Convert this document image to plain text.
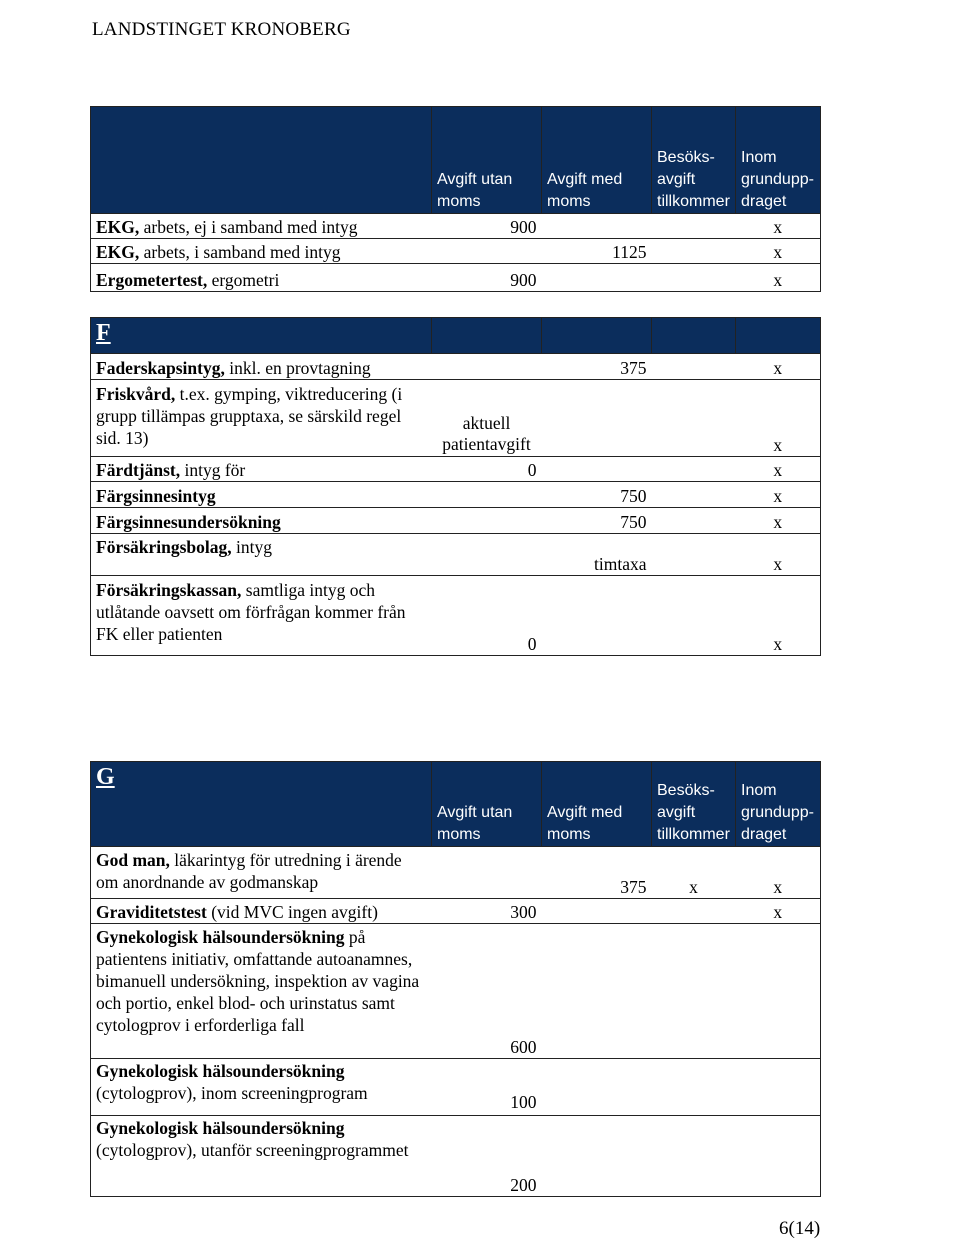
LANDSTINGET KRONOBERG
	Avgift utan moms	Avgift med moms	Besöks-avgift tillkommer	Inom grundupp-draget
EKG, arbets, ej i samband med intyg	900			x
EKG, arbets, i samband med intyg		1125		x
Ergometertest, ergometri	900			x
F				
Faderskapsintyg, inkl. en provtagning		375		x
Friskvård, t.ex. gymping, viktreducering (i grupp tillämpas grupptaxa, se särskild regel sid. 13)	aktuell patientavgift			x
Färdtjänst, intyg för	0			x
Färgsinnesintyg		750		x
Färgsinnesundersökning		750		x
Försäkringsbolag, intyg		timtaxa		x
Försäkringskassan, samtliga intyg och utlåtande oavsett om förfrågan kommer från FK eller patienten	0			x
G	Avgift utan moms	Avgift med moms	Besöks-avgift tillkommer	Inom grundupp-draget
God man, läkarintyg för utredning i ärende om anordnande av godmanskap		375	x	x
Graviditetstest (vid MVC ingen avgift)	300			x
Gynekologisk hälsoundersökning på patientens initiativ, omfattande autoanamnes, bimanuell undersökning, inspektion av vagina och portio, enkel blod- och urinstatus samt cytologprov i erforderliga fall	600			
Gynekologisk hälsoundersökning (cytologprov), inom screeningprogram	100			
Gynekologisk hälsoundersökning (cytologprov), utanför screeningprogrammet	200			
6(14)
